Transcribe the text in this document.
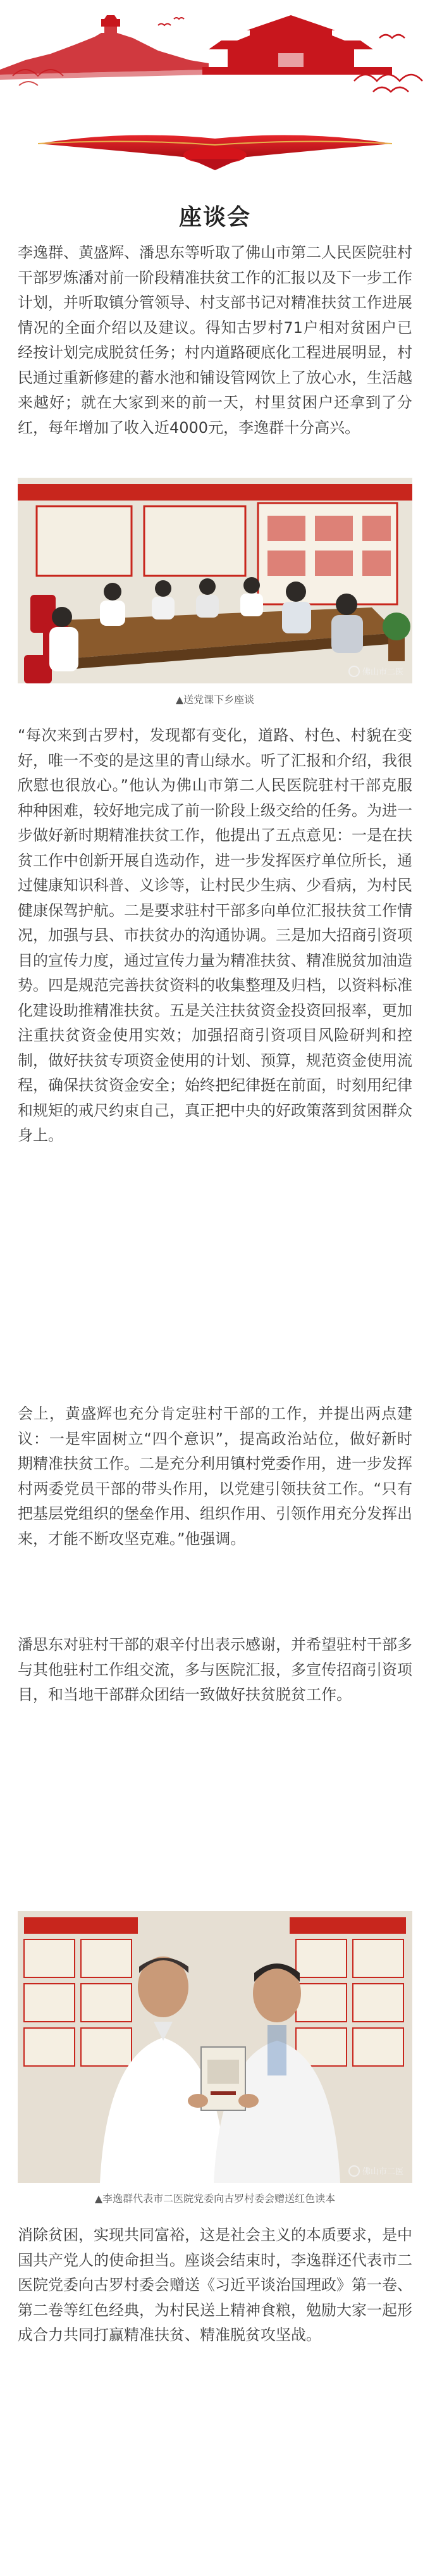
座谈会

李逸群、黄盛辉、潘思东等听取了佛山市第二人民医院驻村干部罗炼潘对前一阶段精准扶贫工作的汇报以及下一步工作计划，并听取镇分管领导、村支部书记对精准扶贫工作进展情况的全面介绍以及建议。得知古罗村71户相对贫困户已经按计划完成脱贫任务；村内道路硬底化工程进展明显，村民通过重新修建的蓄水池和铺设管网饮上了放心水，生活越来越好；就在大家到来的前一天，村里贫困户还拿到了分红，每年增加了收入近4000元，李逸群十分高兴。

佛山市二医

▲送党课下乡座谈

“每次来到古罗村，发现都有变化，道路、村色、村貌在变好，唯一不变的是这里的青山绿水。听了汇报和介绍，我很欣慰也很放心。”他认为佛山市第二人民医院驻村干部克服种种困难，较好地完成了前一阶段上级交给的任务。为进一步做好新时期精准扶贫工作，他提出了五点意见：一是在扶贫工作中创新开展自选动作，进一步发挥医疗单位所长，通过健康知识科普、义诊等，让村民少生病、少看病，为村民健康保驾护航。二是要求驻村干部多向单位汇报扶贫工作情况，加强与县、市扶贫办的沟通协调。三是加大招商引资项目的宣传力度，通过宣传力量为精准扶贫、精准脱贫加油造势。四是规范完善扶贫资料的收集整理及归档，以资料标准化建设助推精准扶贫。五是关注扶贫资金投资回报率，更加注重扶贫资金使用实效；加强招商引资项目风险研判和控制，做好扶贫专项资金使用的计划、预算，规范资金使用流程，确保扶贫资金安全；始终把纪律挺在前面，时刻用纪律和规矩的戒尺约束自己，真正把中央的好政策落到贫困群众身上。

会上，黄盛辉也充分肯定驻村干部的工作，并提出两点建议：一是牢固树立“四个意识”，提高政治站位，做好新时期精准扶贫工作。二是充分利用镇村党委作用，进一步发挥村两委党员干部的带头作用，以党建引领扶贫工作。“只有把基层党组织的堡垒作用、组织作用、引领作用充分发挥出来，才能不断攻坚克难。”他强调。

潘思东对驻村干部的艰辛付出表示感谢，并希望驻村干部多与其他驻村工作组交流，多与医院汇报，多宣传招商引资项目，和当地干部群众团结一致做好扶贫脱贫工作。

佛山市二医

▲李逸群代表市二医院党委向古罗村委会赠送红色读本

消除贫困，实现共同富裕，这是社会主义的本质要求，是中国共产党人的使命担当。座谈会结束时，李逸群还代表市二医院党委向古罗村委会赠送《习近平谈治国理政》第一卷、第二卷等红色经典，为村民送上精神食粮，勉励大家一起形成合力共同打赢精准扶贫、精准脱贫攻坚战。
